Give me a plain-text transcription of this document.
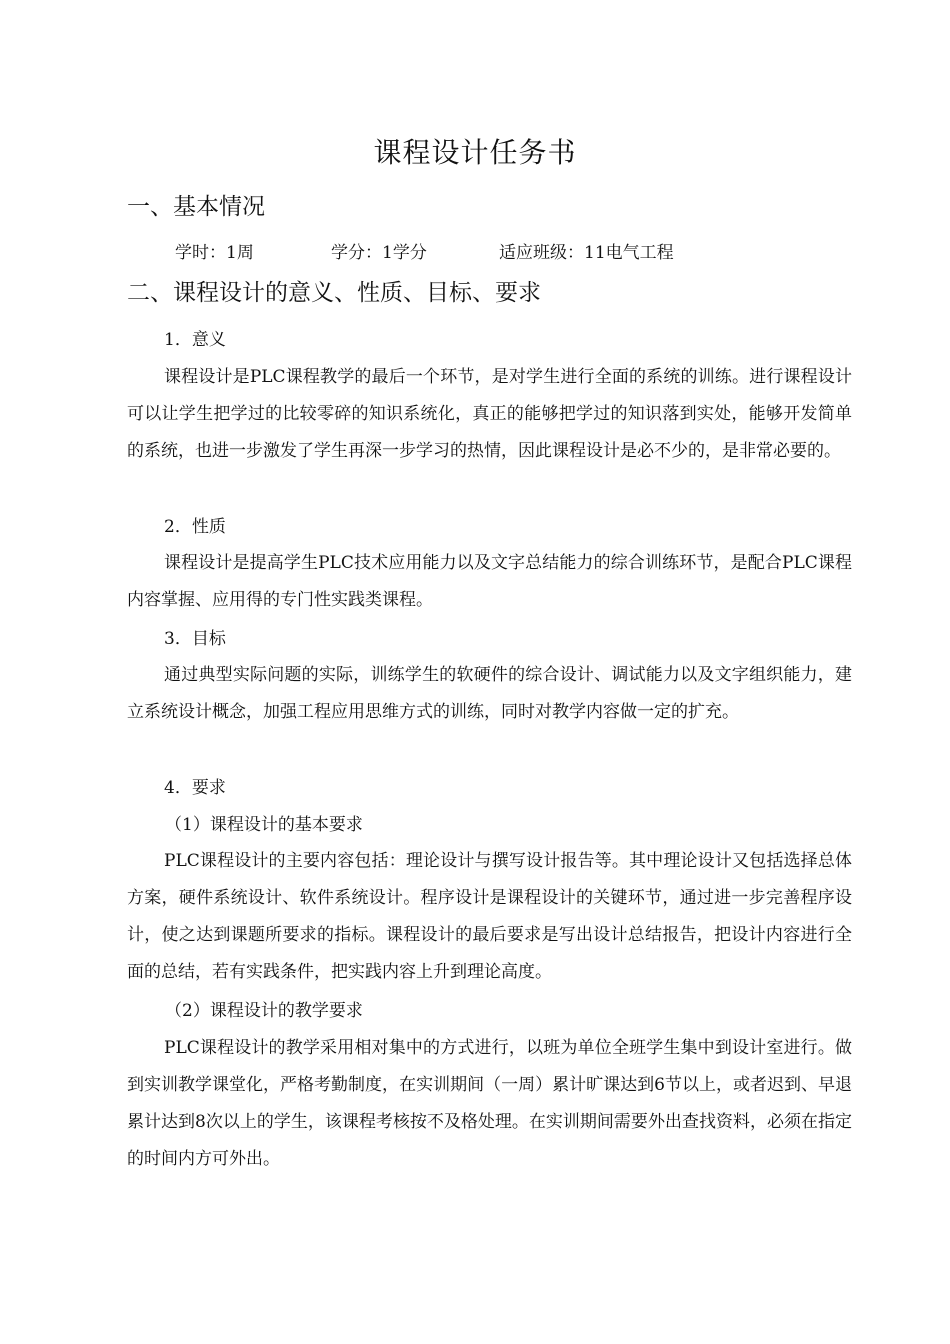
课程设计任务书
一、基本情况
学时：1周	学分：1学分	适应班级：11电气工程
二、课程设计的意义、性质、目标、要求
1．意义

课程设计是PLC课程教学的最后一个环节，是对学生进行全面的系统的训练。进行课程设计可以让学生把学过的比较零碎的知识系统化，真正的能够把学过的知识落到实处，能够开发简单的系统，也进一步激发了学生再深一步学习的热情，因此课程设计是必不少的，是非常必要的。

2．性质

课程设计是提高学生PLC技术应用能力以及文字总结能力的综合训练环节，是配合PLC课程内容掌握、应用得的专门性实践类课程。

3．目标

通过典型实际问题的实际，训练学生的软硬件的综合设计、调试能力以及文字组织能力，建立系统设计概念，加强工程应用思维方式的训练，同时对教学内容做一定的扩充。

4．要求
（1）课程设计的基本要求

PLC课程设计的主要内容包括：理论设计与撰写设计报告等。其中理论设计又包括选择总体方案，硬件系统设计、软件系统设计。程序设计是课程设计的关键环节，通过进一步完善程序设计，使之达到课题所要求的指标。课程设计的最后要求是写出设计总结报告，把设计内容进行全面的总结，若有实践条件，把实践内容上升到理论高度。

（2）课程设计的教学要求

PLC课程设计的教学采用相对集中的方式进行，以班为单位全班学生集中到设计室进行。做到实训教学课堂化，严格考勤制度，在实训期间（一周）累计旷课达到6节以上，或者迟到、早退累计达到8次以上的学生，该课程考核按不及格处理。在实训期间需要外出查找资料，必须在指定的时间内方可外出。
